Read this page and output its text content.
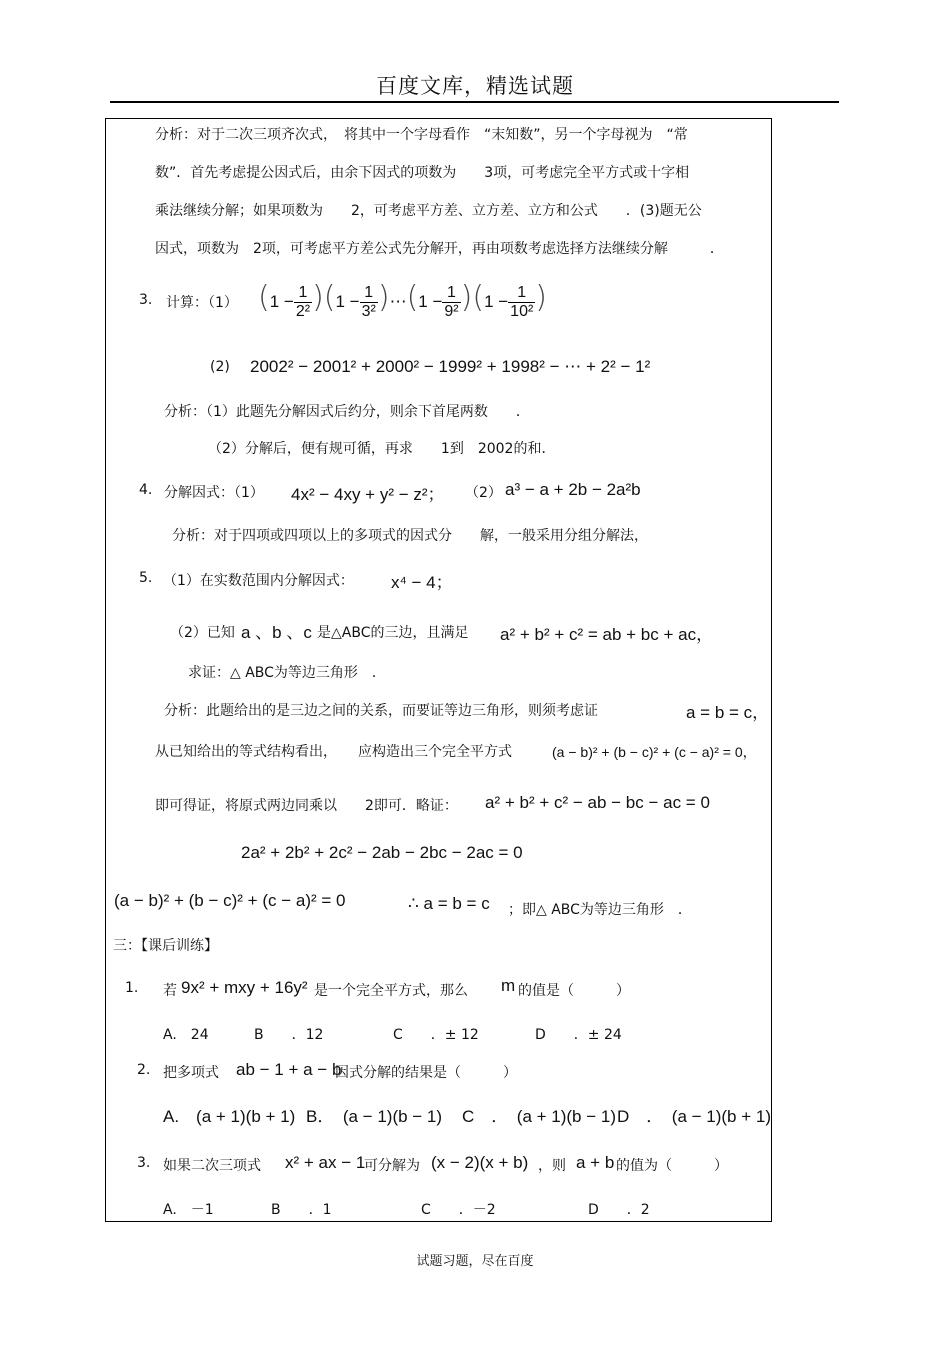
百度文库，精选试题
分析：对于二次三项齐次式，　将其中一个字母看作　“末知数”，另一个字母视为　“常
数”．首先考虑提公因式后，由余下因式的项数为　　3项，可考虑完全平方式或十字相
乘法继续分解；如果项数为　　2，可考虑平方差、立方差、立方和公式　　．(3)题无公
因式，项数为　2项，可考虑平方差公式先分解开，再由项数考虑选择方法继续分解　　　．
3. 计算：（1） $(1 - \frac{1}{\text{2²}} )(1 - \frac{1}{\text{3²}}$ )⋯(1 − $\frac{1}{\text{9²}} )(1 - \frac{1}{\text{10²}}$ )
(2) 2002² − 2001² + 2000² − 1999² + 1998² − ⋯ + 2² − 1²
分析：（1）此题先分解因式后约分，则余下首尾两数　　．
（2）分解后，便有规可循，再求　　1到　2002的和．
4. 分解因式：（1） 4x² − 4xy + y² − z²； （2） a³ − a + 2b − 2a²b
分析：对于四项或四项以上的多项式的因式分　　解，一般采用分组分解法，
5. （1）在实数范围内分解因式： x⁴ − 4；
（2）已知 a 、b 、c 是△ABC的三边，且满足 a² + b² + c² = ab + bc + ac，
求证：△ ABC为等边三角形　．
分析：此题给出的是三边之间的关系，而要证等边三角形，则须考虑证	a = b = c，
从已知给出的等式结构看出，　　应构造出三个完全平方式	(a − b)² + (b − c)² + (c − a)² = 0，
即可得证，将原式两边同乘以　　2即可．略证： a² + b² + c² − ab − bc − ac = 0
2a² + 2b² + 2c² − 2ab − 2bc − 2ac = 0
(a − b)² + (b − c)² + (c − a)² = 0	∴ a = b = c ；即△ ABC为等边三角形　．
三：【课后训练】
1. 若 9x² + mxy + 16y² 是一个完全平方式，那么 m 的值是（　　　）
A.　24	B　　．12	C　　．± 12	D　　．± 24
2. 把多项式 ab − 1 + a − b
因式分解的结果是（　　　）
A.　(a + 1)(b + 1) B．　(a − 1)(b − 1) C　．　(a + 1)(b − 1) D　．　(a − 1)(b + 1)
3. 如果二次三项式 x² + ax − 1
可分解为 (x − 2)(x + b) ，则 a + b 的值为（　　　）
A.　－1	B　　．1	C　　．－2	D　　．2
试题习题，尽在百度
